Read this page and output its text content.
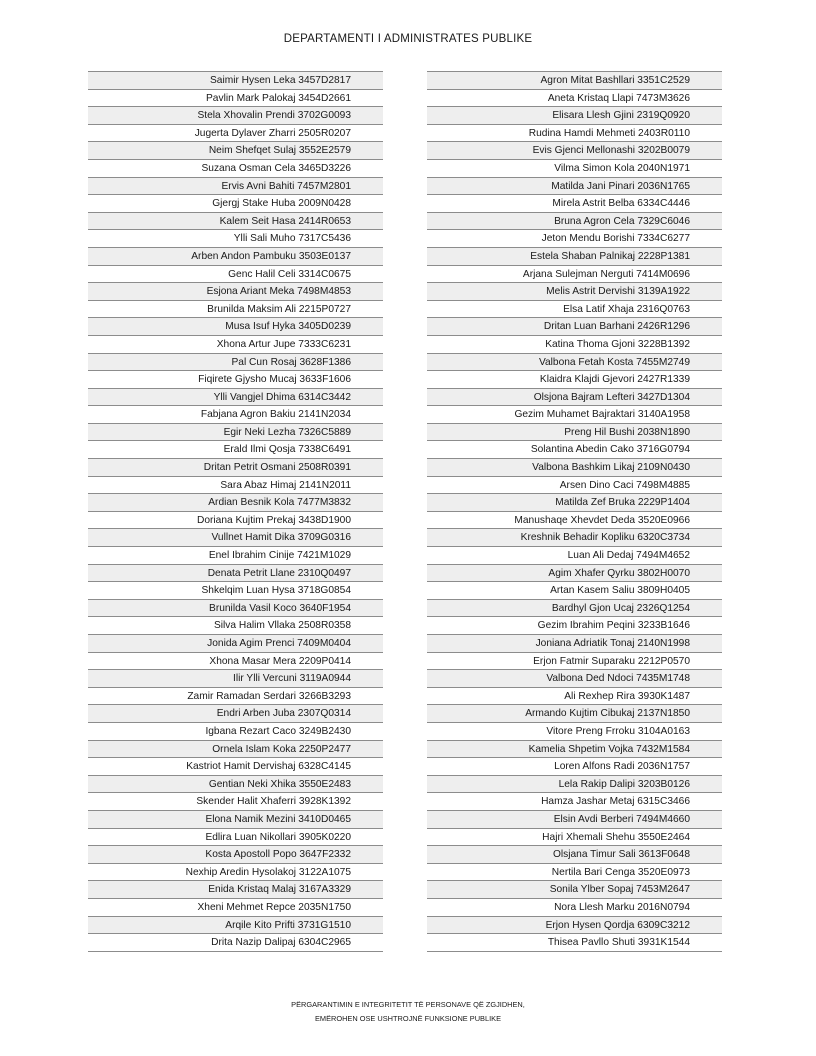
DEPARTAMENTI I ADMINISTRATES PUBLIKE
Saimir Hysen Leka 3457D2817
Pavlin Mark Palokaj 3454D2661
Stela Xhovalin Prendi 3702G0093
Jugerta Dylaver Zharri 2505R0207
Neim Shefqet Sulaj 3552E2579
Suzana Osman Cela 3465D3226
Ervis Avni Bahiti 7457M2801
Gjergj Stake Huba 2009N0428
Kalem Seit Hasa 2414R0653
Ylli Sali Muho 7317C5436
Arben Andon Pambuku 3503E0137
Genc Halil Celi 3314C0675
Esjona Ariant Meka 7498M4853
Brunilda Maksim Ali 2215P0727
Musa Isuf Hyka 3405D0239
Xhona Artur Jupe 7333C6231
Pal Cun Rosaj 3628F1386
Fiqirete Gjysho Mucaj 3633F1606
Ylli Vangjel Dhima 6314C3442
Fabjana Agron Bakiu 2141N2034
Egir Neki Lezha 7326C5889
Erald Ilmi Qosja 7338C6491
Dritan Petrit Osmani 2508R0391
Sara Abaz Himaj 2141N2011
Ardian Besnik Kola 7477M3832
Doriana Kujtim Prekaj 3438D1900
Vullnet Hamit Dika 3709G0316
Enel Ibrahim Cinije 7421M1029
Denata Petrit Llane 2310Q0497
Shkelqim Luan Hysa 3718G0854
Brunilda Vasil Koco 3640F1954
Silva Halim Vllaka 2508R0358
Jonida Agim Prenci 7409M0404
Xhona Masar Mera 2209P0414
Ilir Ylli Vercuni 3119A0944
Zamir Ramadan Serdari 3266B3293
Endri Arben Juba 2307Q0314
Igbana Rezart Caco 3249B2430
Ornela Islam Koka 2250P2477
Kastriot Hamit Dervishaj 6328C4145
Gentian Neki Xhika 3550E2483
Skender Halit Xhaferri 3928K1392
Elona Namik Mezini 3410D0465
Edlira Luan Nikollari 3905K0220
Kosta Apostoll Popo 3647F2332
Nexhip Aredin Hysolakoj 3122A1075
Enida Kristaq Malaj 3167A3329
Xheni Mehmet Repce 2035N1750
Arqile Kito Prifti 3731G1510
Drita Nazip Dalipaj 6304C2965
Agron Mitat Bashllari 3351C2529
Aneta Kristaq Llapi 7473M3626
Elisara Llesh Gjini 2319Q0920
Rudina Hamdi Mehmeti 2403R0110
Evis Gjenci Mellonashi 3202B0079
Vilma Simon Kola 2040N1971
Matilda Jani Pinari 2036N1765
Mirela Astrit Belba 6334C4446
Bruna Agron Cela 7329C6046
Jeton Mendu Borishi 7334C6277
Estela Shaban Palnikaj 2228P1381
Arjana Sulejman Nerguti 7414M0696
Melis Astrit Dervishi 3139A1922
Elsa Latif Xhaja 2316Q0763
Dritan Luan Barhani 2426R1296
Katina Thoma Gjoni 3228B1392
Valbona Fetah Kosta 7455M2749
Klaidra Klajdi Gjevori 2427R1339
Olsjona Bajram Lefteri 3427D1304
Gezim Muhamet Bajraktari 3140A1958
Preng Hil Bushi 2038N1890
Solantina Abedin Cako 3716G0794
Valbona Bashkim Likaj 2109N0430
Arsen Dino Caci 7498M4885
Matilda Zef Bruka 2229P1404
Manushaqe Xhevdet Deda 3520E0966
Kreshnik Behadir Kopliku 6320C3734
Luan Ali Dedaj 7494M4652
Agim Xhafer Qyrku 3802H0070
Artan Kasem Saliu 3809H0405
Bardhyl Gjon Ucaj 2326Q1254
Gezim Ibrahim Peqini 3233B1646
Joniana Adriatik Tonaj 2140N1998
Erjon Fatmir Suparaku 2212P0570
Valbona Ded Ndoci 7435M1748
Ali Rexhep Rira 3930K1487
Armando Kujtim Cibukaj 2137N1850
Vitore Preng Frroku 3104A0163
Kamelia Shpetim Vojka 7432M1584
Loren Alfons Radi 2036N1757
Lela Rakip Dalipi 3203B0126
Hamza Jashar Metaj 6315C3466
Elsin Avdi Berberi 7494M4660
Hajri Xhemali Shehu 3550E2464
Olsjana Timur Sali 3613F0648
Nertila Bari Cenga 3520E0973
Sonila Ylber Sopaj 7453M2647
Nora Llesh Marku 2016N0794
Erjon Hysen Qordja 6309C3212
Thisea Pavllo Shuti 3931K1544
PËRGARANTIMIN E INTEGRITETIT TË PERSONAVE QË ZGJIDHEN,
EMËROHEN OSE USHTROJNË FUNKSIONE PUBLIKE
